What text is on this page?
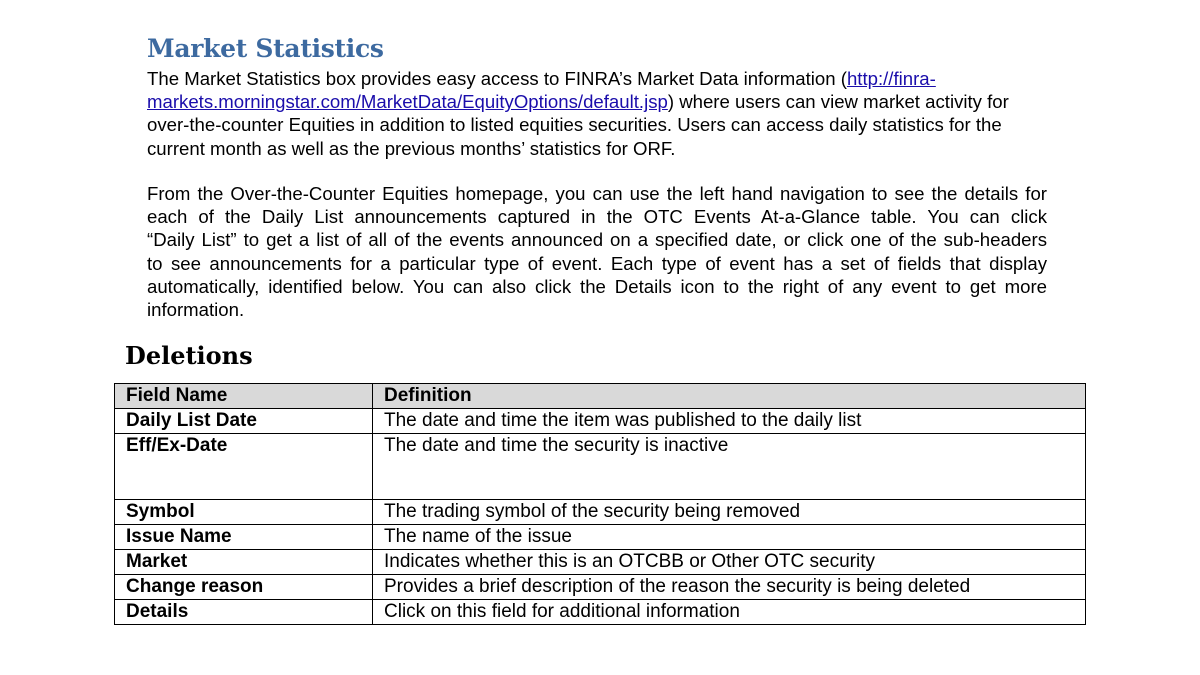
Market Statistics

The Market Statistics box provides easy access to FINRA’s Market Data information (http://finra-
markets.morningstar.com/MarketData/EquityOptions/default.jsp) where users can view market activity for
over-the-counter Equities in addition to listed equities securities. Users can access daily statistics for the
current month as well as the previous months’ statistics for ORF.

From the Over-the-Counter Equities homepage, you can use the left hand navigation to see the details for
each of the Daily List announcements captured in the OTC Events At-a-Glance table. You can click
“Daily List” to get a list of all of the events announced on a specified date, or click one of the sub-headers
to see announcements for a particular type of event. Each type of event has a set of fields that display
automatically, identified below. You can also click the Details icon to the right of any event to get more
information.

Deletions
Field Name	Definition
Daily List Date	The date and time the item was published to the daily list
Eff/Ex-Date	The date and time the security is inactive
Symbol	The trading symbol of the security being removed
Issue Name	The name of the issue
Market	Indicates whether this is an OTCBB or Other OTC security
Change reason	Provides a brief description of the reason the security is being deleted
Details	Click on this field for additional information
